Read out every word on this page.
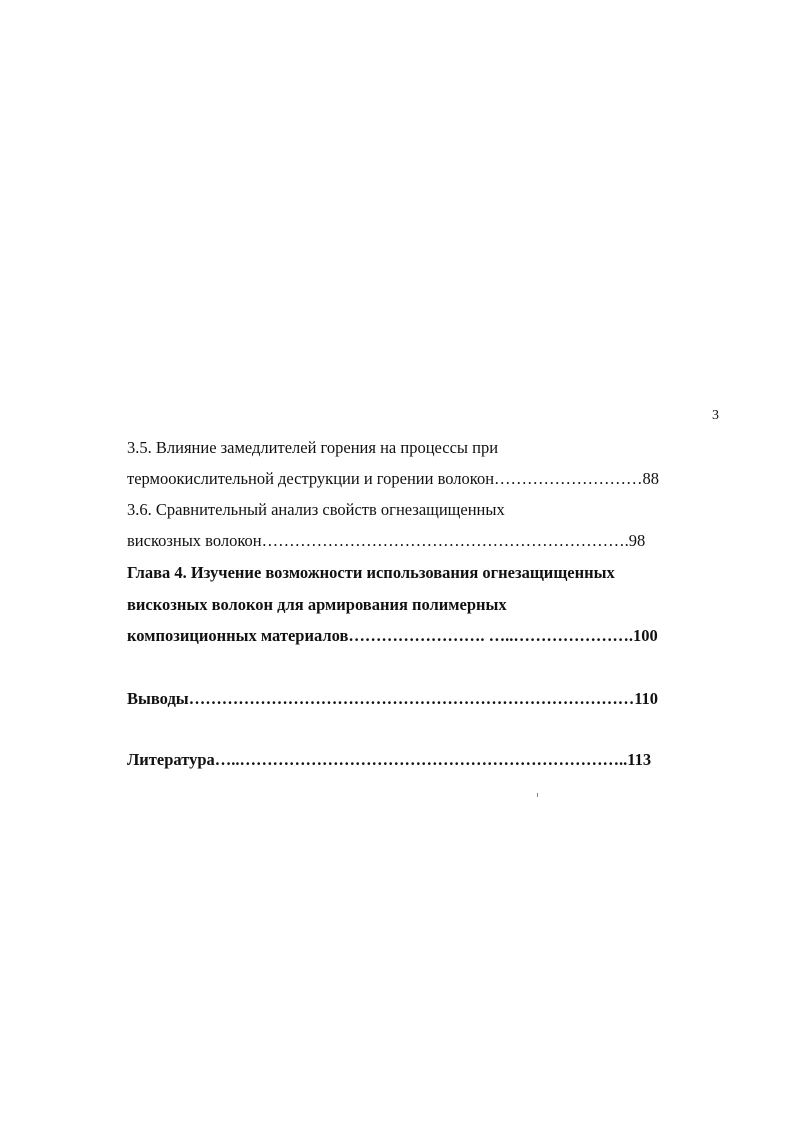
3
3.5. Влияние замедлителей горения на процессы при
термоокислительной деструкции и горении волокон………………………88
3.6. Сравнительный анализ свойств огнезащищенных
вискозных волокон………………………………………………………….98
Глава 4. Изучение возможности использования огнезащищенных
вискозных волокон для армирования полимерных
композиционных материалов……………………. …..………………….100
Выводы………………………………………………………………………110
Литература…..……………………………………………………………..113
